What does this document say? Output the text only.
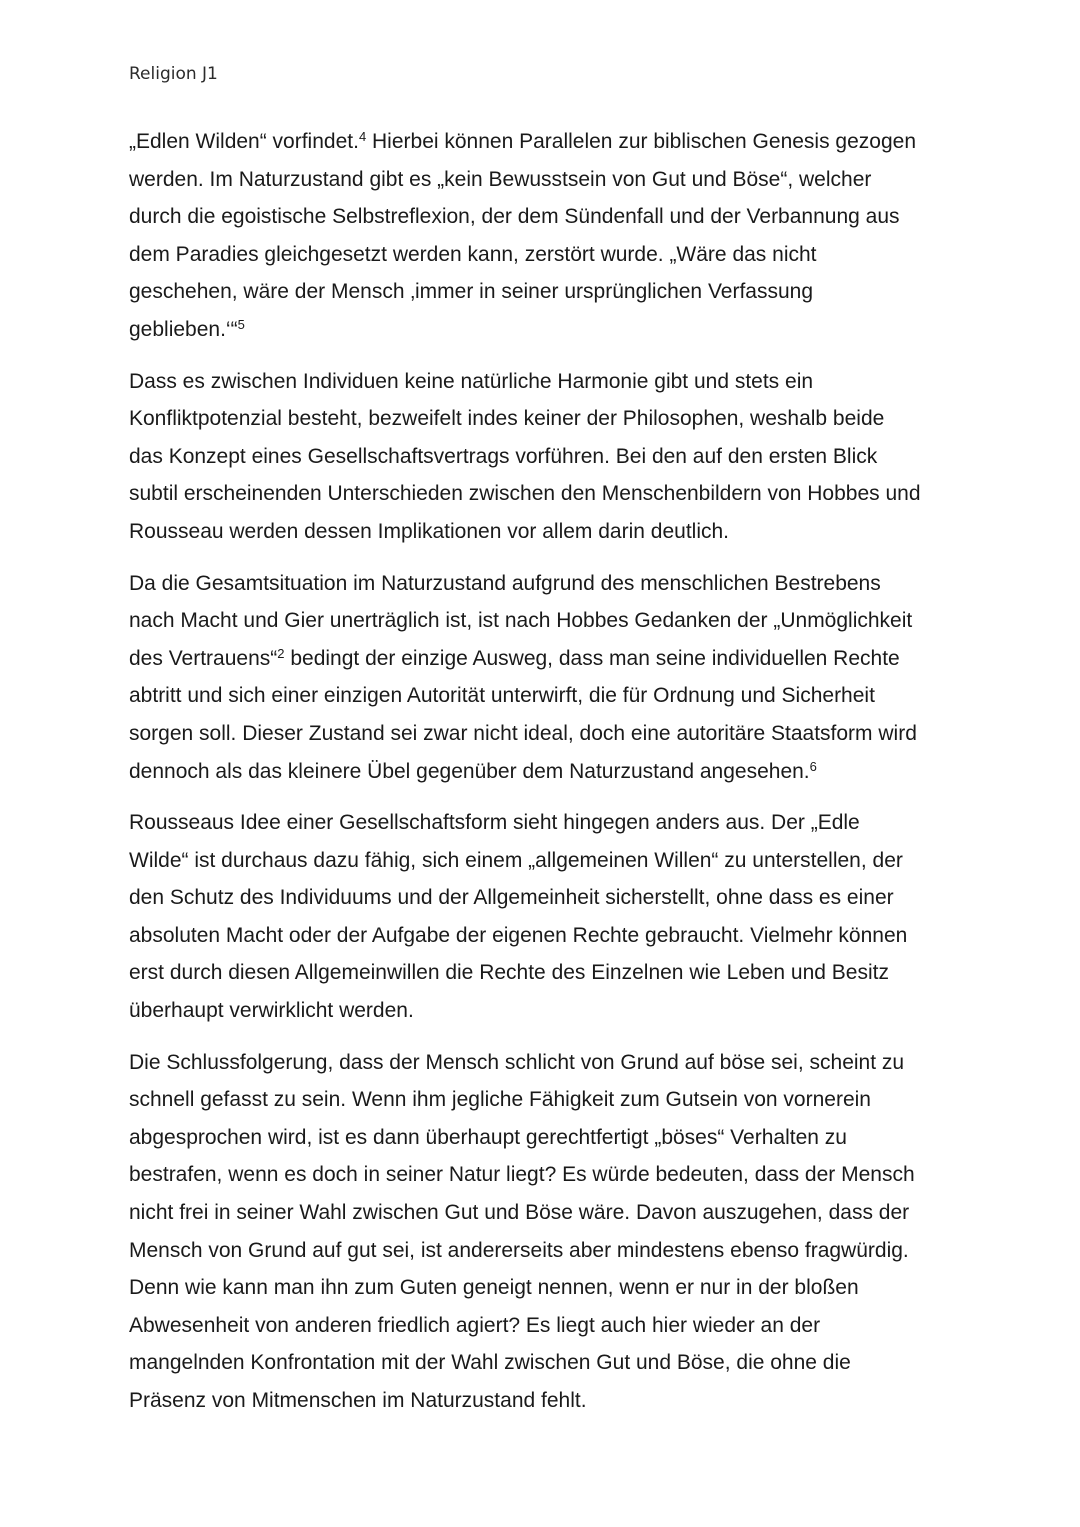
Religion J1

„Edlen Wilden“ vorfindet.$^4$ Hierbei können Parallelen zur biblischen Genesis gezogen
werden. Im Naturzustand gibt es „kein Bewusstsein von Gut und Böse“, welcher
durch die egoistische Selbstreflexion, der dem Sündenfall und der Verbannung aus
dem Paradies gleichgesetzt werden kann, zerstört wurde. „Wäre das nicht
geschehen, wäre der Mensch ‚immer in seiner ursprünglichen Verfassung
geblieben.‘“$^5$

Dass es zwischen Individuen keine natürliche Harmonie gibt und stets ein
Konfliktpotenzial besteht, bezweifelt indes keiner der Philosophen, weshalb beide
das Konzept eines Gesellschaftsvertrags vorführen. Bei den auf den ersten Blick
subtil erscheinenden Unterschieden zwischen den Menschenbildern von Hobbes und
Rousseau werden dessen Implikationen vor allem darin deutlich.

Da die Gesamtsituation im Naturzustand aufgrund des menschlichen Bestrebens
nach Macht und Gier unerträglich ist, ist nach Hobbes Gedanken der „Unmöglichkeit
des Vertrauens“$^2$ bedingt der einzige Ausweg, dass man seine individuellen Rechte
abtritt und sich einer einzigen Autorität unterwirft, die für Ordnung und Sicherheit
sorgen soll. Dieser Zustand sei zwar nicht ideal, doch eine autoritäre Staatsform wird
dennoch als das kleinere Übel gegenüber dem Naturzustand angesehen.$^6$

Rousseaus Idee einer Gesellschaftsform sieht hingegen anders aus. Der „Edle
Wilde“ ist durchaus dazu fähig, sich einem „allgemeinen Willen“ zu unterstellen, der
den Schutz des Individuums und der Allgemeinheit sicherstellt, ohne dass es einer
absoluten Macht oder der Aufgabe der eigenen Rechte gebraucht. Vielmehr können
erst durch diesen Allgemeinwillen die Rechte des Einzelnen wie Leben und Besitz
überhaupt verwirklicht werden.

Die Schlussfolgerung, dass der Mensch schlicht von Grund auf böse sei, scheint zu
schnell gefasst zu sein. Wenn ihm jegliche Fähigkeit zum Gutsein von vornerein
abgesprochen wird, ist es dann überhaupt gerechtfertigt „böses“ Verhalten zu
bestrafen, wenn es doch in seiner Natur liegt? Es würde bedeuten, dass der Mensch
nicht frei in seiner Wahl zwischen Gut und Böse wäre. Davon auszugehen, dass der
Mensch von Grund auf gut sei, ist andererseits aber mindestens ebenso fragwürdig.
Denn wie kann man ihn zum Guten geneigt nennen, wenn er nur in der bloßen
Abwesenheit von anderen friedlich agiert? Es liegt auch hier wieder an der
mangelnden Konfrontation mit der Wahl zwischen Gut und Böse, die ohne die
Präsenz von Mitmenschen im Naturzustand fehlt.
